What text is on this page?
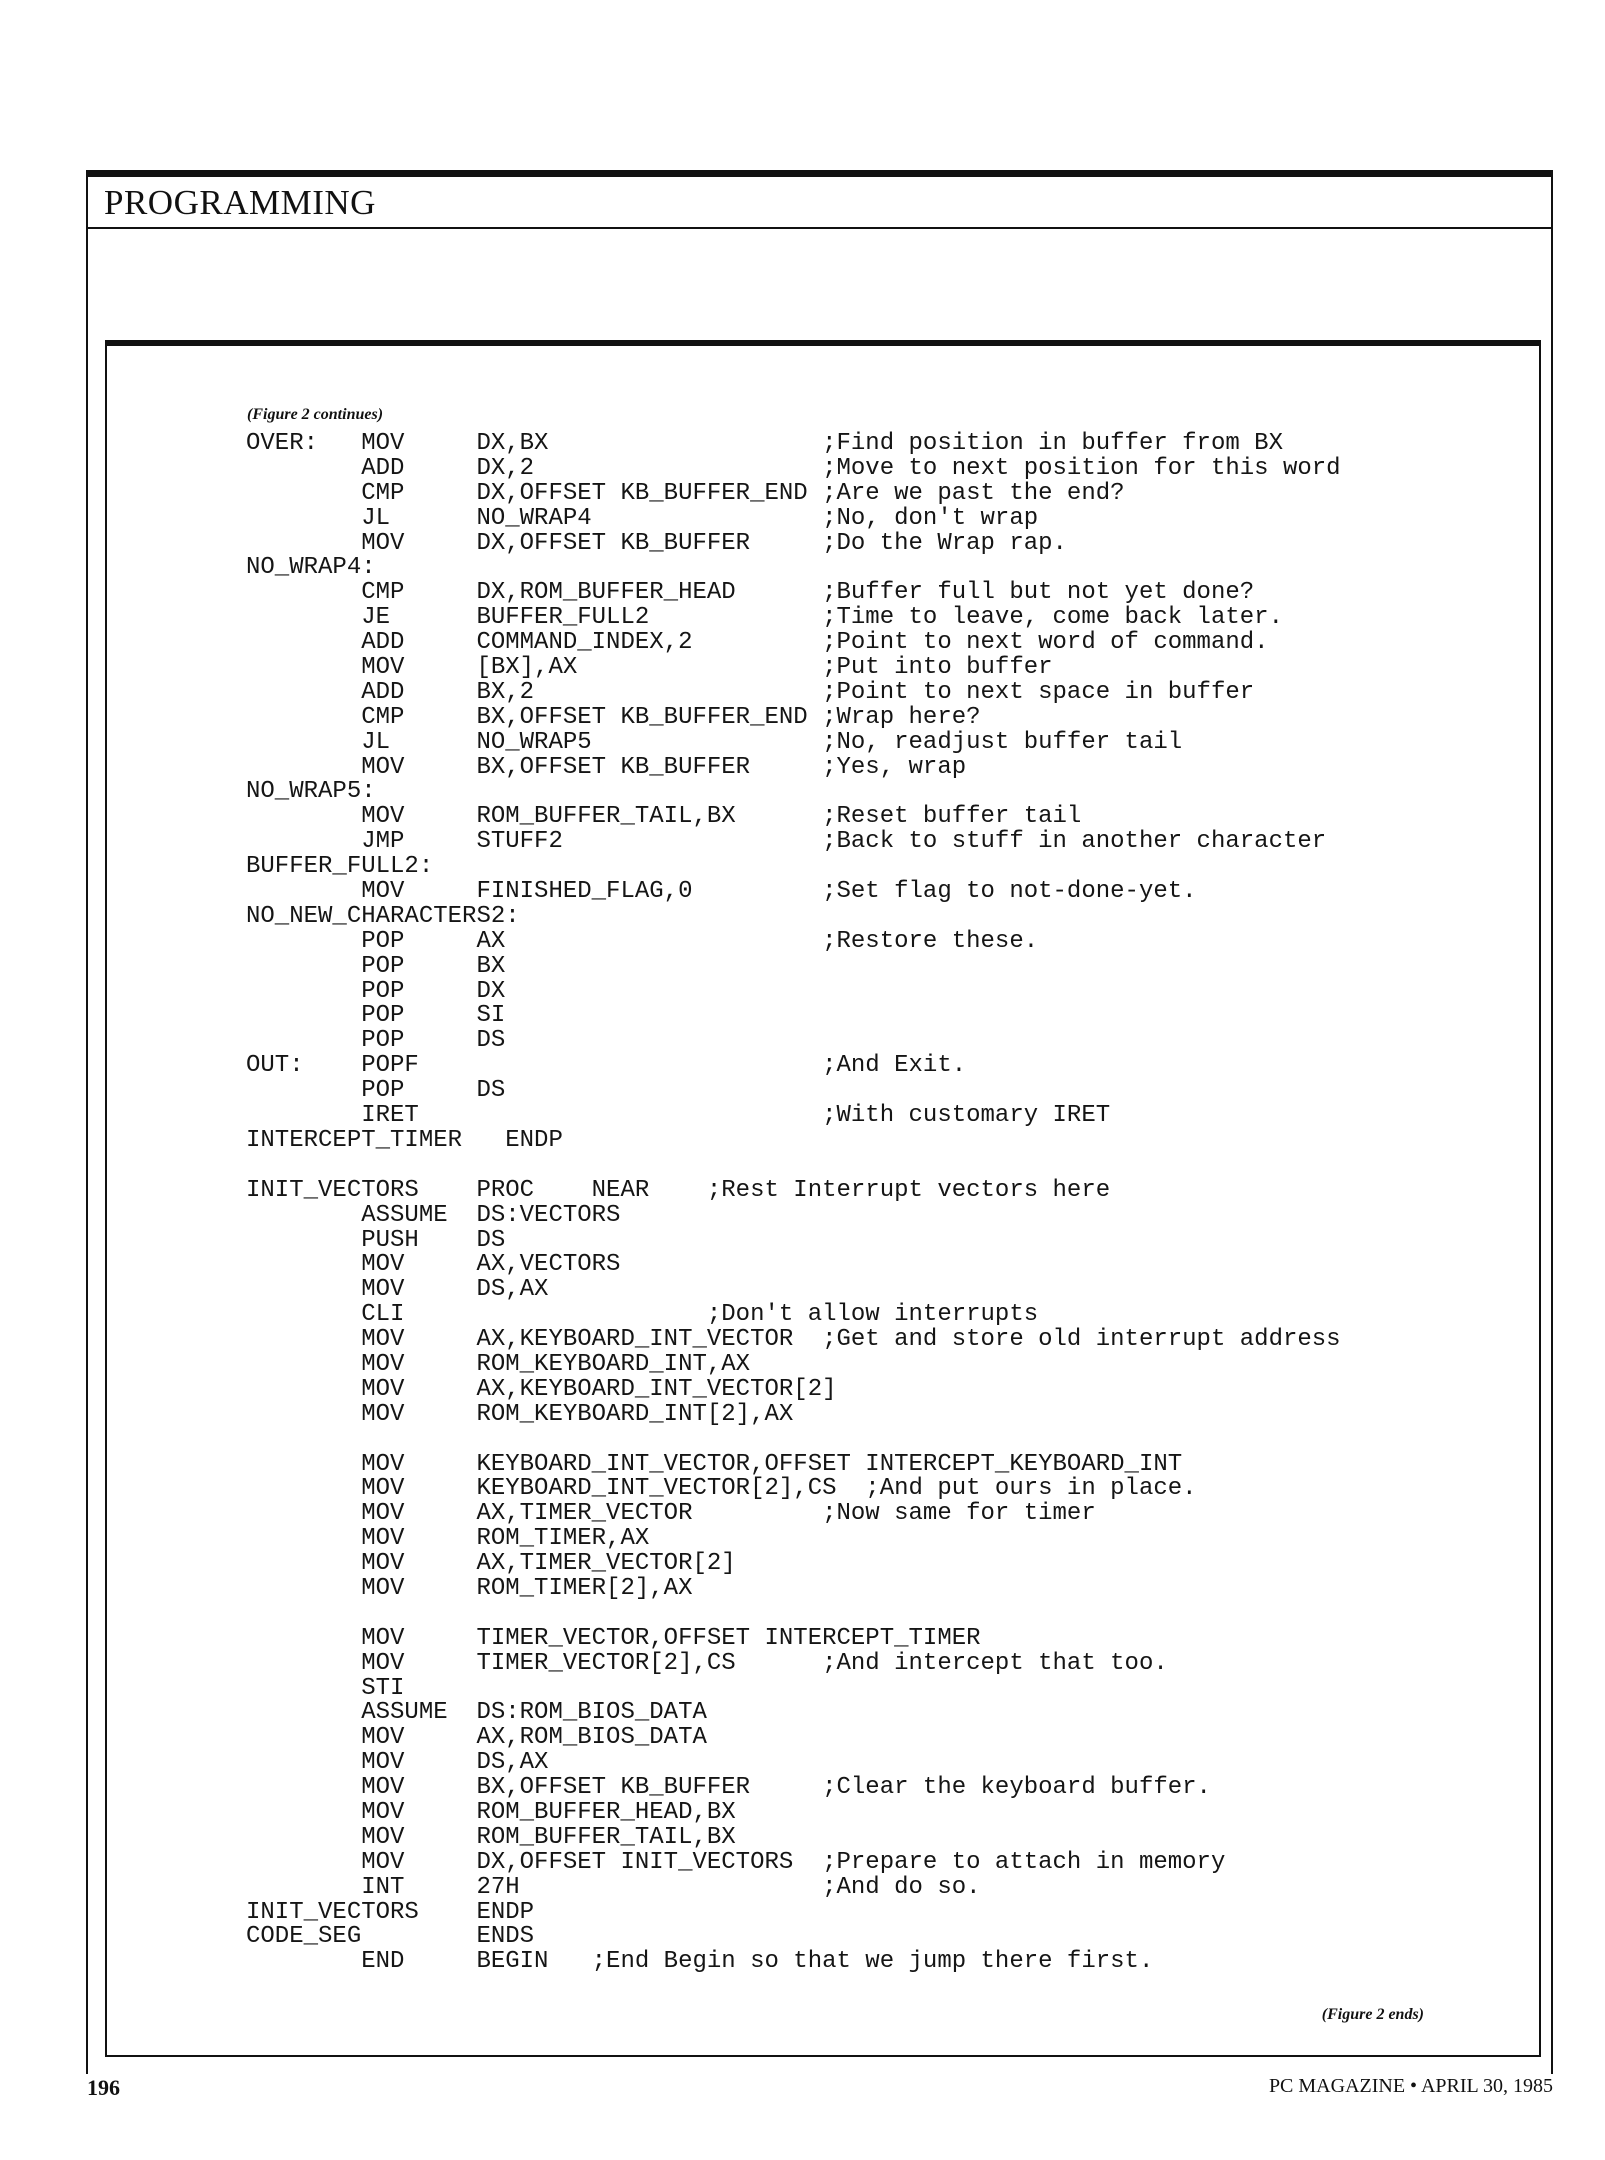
PROGRAMMING
(Figure 2 continues)
OVER:   MOV     DX,BX                   ;Find position in buffer from BX
ADD     DX,2                    ;Move to next position for this word
CMP     DX,OFFSET KB_BUFFER_END ;Are we past the end?
JL      NO_WRAP4                ;No, don't wrap
MOV     DX,OFFSET KB_BUFFER     ;Do the Wrap rap.
NO_WRAP4:
CMP     DX,ROM_BUFFER_HEAD      ;Buffer full but not yet done?
JE      BUFFER_FULL2            ;Time to leave, come back later.
ADD     COMMAND_INDEX,2         ;Point to next word of command.
MOV     [BX],AX                 ;Put into buffer
ADD     BX,2                    ;Point to next space in buffer
CMP     BX,OFFSET KB_BUFFER_END ;Wrap here?
JL      NO_WRAP5                ;No, readjust buffer tail
MOV     BX,OFFSET KB_BUFFER     ;Yes, wrap
NO_WRAP5:
MOV     ROM_BUFFER_TAIL,BX      ;Reset buffer tail
JMP     STUFF2                  ;Back to stuff in another character
BUFFER_FULL2:
MOV     FINISHED_FLAG,0         ;Set flag to not-done-yet.
NO_NEW_CHARACTERS2:
POP     AX                      ;Restore these.
POP     BX
POP     DX
POP     SI
POP     DS
OUT:    POPF                            ;And Exit.
POP     DS
IRET                            ;With customary IRET
INTERCEPT_TIMER   ENDP
INIT_VECTORS    PROC    NEAR    ;Rest Interrupt vectors here
ASSUME  DS:VECTORS
PUSH    DS
MOV     AX,VECTORS
MOV     DS,AX
CLI                     ;Don't allow interrupts
MOV     AX,KEYBOARD_INT_VECTOR  ;Get and store old interrupt address
MOV     ROM_KEYBOARD_INT,AX
MOV     AX,KEYBOARD_INT_VECTOR[2]
MOV     ROM_KEYBOARD_INT[2],AX
MOV     KEYBOARD_INT_VECTOR,OFFSET INTERCEPT_KEYBOARD_INT
MOV     KEYBOARD_INT_VECTOR[2],CS  ;And put ours in place.
MOV     AX,TIMER_VECTOR         ;Now same for timer
MOV     ROM_TIMER,AX
MOV     AX,TIMER_VECTOR[2]
MOV     ROM_TIMER[2],AX
MOV     TIMER_VECTOR,OFFSET INTERCEPT_TIMER
MOV     TIMER_VECTOR[2],CS      ;And intercept that too.
STI
ASSUME  DS:ROM_BIOS_DATA
MOV     AX,ROM_BIOS_DATA
MOV     DS,AX
MOV     BX,OFFSET KB_BUFFER     ;Clear the keyboard buffer.
MOV     ROM_BUFFER_HEAD,BX
MOV     ROM_BUFFER_TAIL,BX
MOV     DX,OFFSET INIT_VECTORS  ;Prepare to attach in memory
INT     27H                     ;And do so.
INIT_VECTORS    ENDP
CODE_SEG        ENDS
END     BEGIN   ;End Begin so that we jump there first.
(Figure 2 ends)
196	PC MAGAZINE • APRIL 30, 1985
